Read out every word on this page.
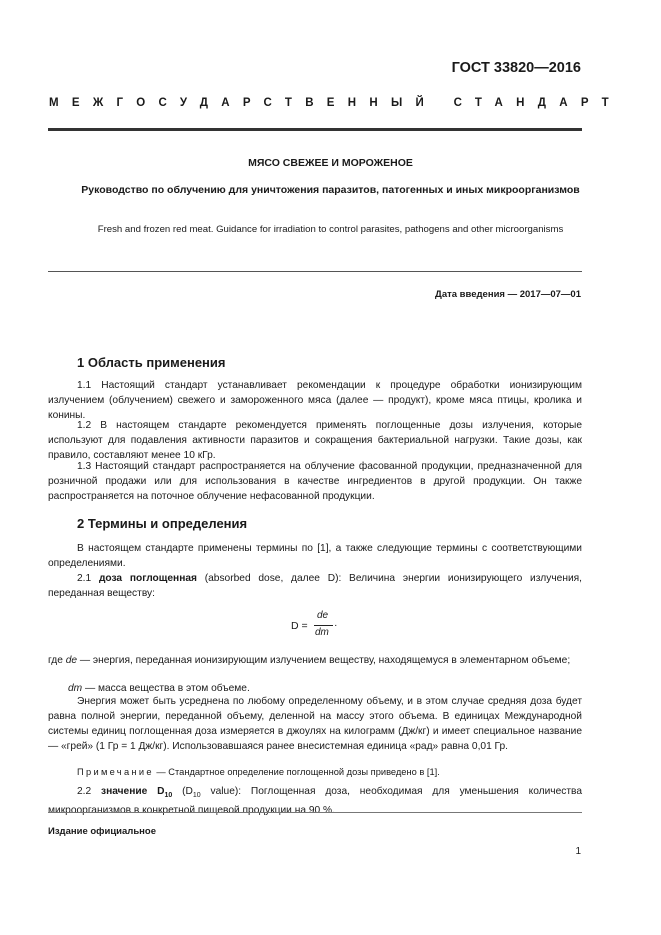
ГОСТ 33820—2016
МЕЖГОСУДАРСТВЕННЫЙ СТАНДАРТ
МЯСО СВЕЖЕЕ И МОРОЖЕНОЕ
Руководство по облучению для уничтожения паразитов, патогенных и иных микроорганизмов
Fresh and frozen red meat. Guidance for irradiation to control parasites, pathogens and other microorganisms
Дата введения — 2017—07—01
1 Область применения
1.1 Настоящий стандарт устанавливает рекомендации к процедуре обработки ионизирующим излучением (облучением) свежего и замороженного мяса (далее — продукт), кроме мяса птицы, кролика и конины.
1.2 В настоящем стандарте рекомендуется применять поглощенные дозы излучения, которые используют для подавления активности паразитов и сокращения бактериальной нагрузки. Такие дозы, как правило, составляют менее 10 кГр.
1.3 Настоящий стандарт распространяется на облучение фасованной продукции, предназначенной для розничной продажи или для использования в качестве ингредиентов в другой продукции. Он также распространяется на поточное облучение нефасованной продукции.
2 Термины и определения
В настоящем стандарте применены термины по [1], а также следующие термины с соответствующими определениями.
2.1 доза поглощенная (absorbed dose, далее D): Величина энергии ионизирующего излучения, переданная веществу:
D =
de
dm
·
где de — энергия, переданная ионизирующим излучением веществу, находящемуся в элементарном объеме;
dm — масса вещества в этом объеме.
Энергия может быть усреднена по любому определенному объему, и в этом случае средняя доза будет равна полной энергии, переданной объему, деленной на массу этого объема. В единицах Международной системы единиц поглощенная доза измеряется в джоулях на килограмм (Дж/кг) и имеет специальное название — «грей» (1 Гр = 1 Дж/кг). Использовавшаяся ранее внесистемная единица «рад» равна 0,01 Гр.
Примечание — Стандартное определение поглощенной дозы приведено в [1].
2.2 значение $D_{10}$ ($D_{10}$ value): Поглощенная доза, необходимая для уменьшения количества микроорганизмов в конкретной пищевой продукции на 90 %.
Издание официальное
1
